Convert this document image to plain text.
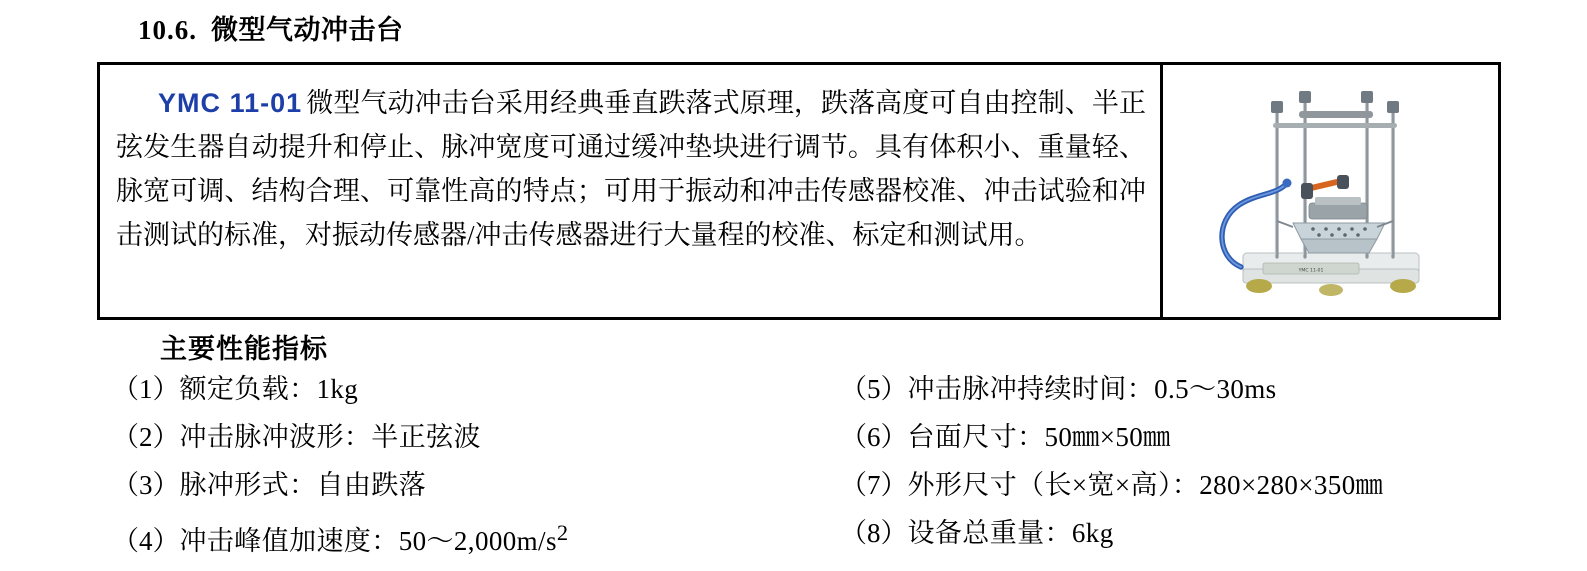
10.6. 微型气动冲击台

YMC 11-01 微型气动冲击台采用经典垂直跌落式原理，跌落高度可自由控制、半正弦发生器自动提升和停止、脉冲宽度可通过缓冲垫块进行调节。具有体积小、重量轻、脉宽可调、结构合理、可靠性高的特点；可用于振动和冲击传感器校准、冲击试验和冲击测试的标准，对振动传感器/冲击传感器进行大量程的校准、标定和测试用。

YMC 11-01
主要性能指标
（1）额定负载：1kg
（2）冲击脉冲波形：半正弦波
（3）脉冲形式：自由跌落
（4）冲击峰值加速度：$50\sim 2,000m/s^2$
（5）冲击脉冲持续时间：0.5～30ms
（6）台面尺寸：50㎜×50㎜
（7）外形尺寸（长×宽×高）：280×280×350㎜
（8）设备总重量：6kg
